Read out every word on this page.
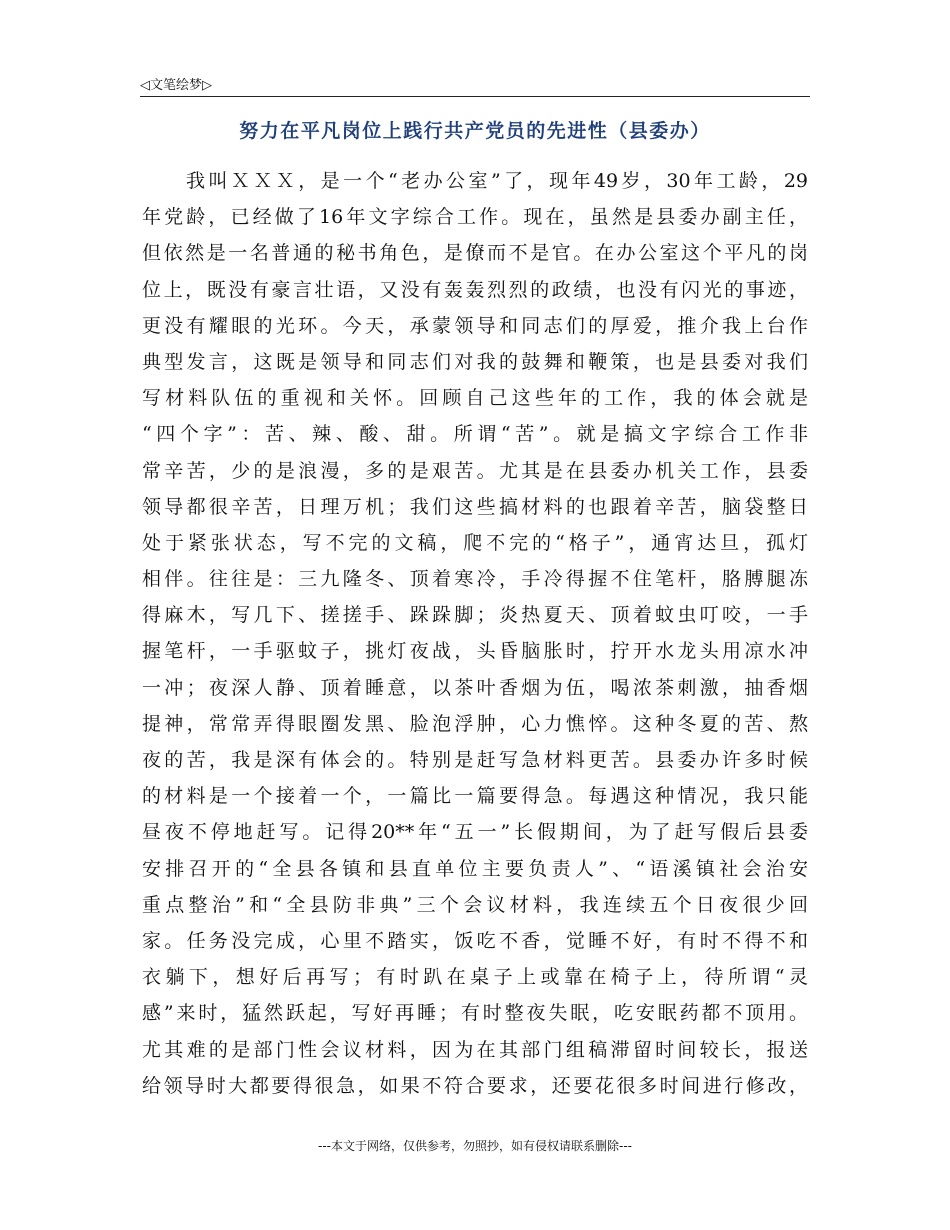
◁文笔绘梦▷
努力在平凡岗位上践行共产党员的先进性（县委办）
我叫ＸＸＸ，是一个“老办公室”了，现年49岁，30年工龄，29
年党龄，已经做了16年文字综合工作。现在，虽然是县委办副主任，
但依然是一名普通的秘书角色，是僚而不是官。在办公室这个平凡的岗
位上，既没有豪言壮语，又没有轰轰烈烈的政绩，也没有闪光的事迹，
更没有耀眼的光环。今天，承蒙领导和同志们的厚爱，推介我上台作
典型发言，这既是领导和同志们对我的鼓舞和鞭策，也是县委对我们
写材料队伍的重视和关怀。回顾自己这些年的工作，我的体会就是
“四个字”：苦、辣、酸、甜。所谓“苦”。就是搞文字综合工作非
常辛苦，少的是浪漫，多的是艰苦。尤其是在县委办机关工作，县委
领导都很辛苦，日理万机；我们这些搞材料的也跟着辛苦，脑袋整日
处于紧张状态，写不完的文稿，爬不完的“格子”，通宵达旦，孤灯
相伴。往往是：三九隆冬、顶着寒冷，手冷得握不住笔杆，胳膊腿冻
得麻木，写几下、搓搓手、跺跺脚；炎热夏天、顶着蚊虫叮咬，一手
握笔杆，一手驱蚊子，挑灯夜战，头昏脑胀时，拧开水龙头用凉水冲
一冲；夜深人静、顶着睡意，以茶叶香烟为伍，喝浓茶刺激，抽香烟
提神，常常弄得眼圈发黑、脸泡浮肿，心力憔悴。这种冬夏的苦、熬
夜的苦，我是深有体会的。特别是赶写急材料更苦。县委办许多时候
的材料是一个接着一个，一篇比一篇要得急。每遇这种情况，我只能
昼夜不停地赶写。记得20**年“五一”长假期间，为了赶写假后县委
安排召开的“全县各镇和县直单位主要负责人”、“语溪镇社会治安
重点整治”和“全县防非典”三个会议材料，我连续五个日夜很少回
家。任务没完成，心里不踏实，饭吃不香，觉睡不好，有时不得不和
衣躺下，想好后再写；有时趴在桌子上或靠在椅子上，待所谓“灵
感”来时，猛然跃起，写好再睡；有时整夜失眠，吃安眠药都不顶用。
尤其难的是部门性会议材料，因为在其部门组稿滞留时间较长，报送
给领导时大都要得很急，如果不符合要求，还要花很多时间进行修改，
---本文于网络，仅供参考，勿照抄，如有侵权请联系删除---
